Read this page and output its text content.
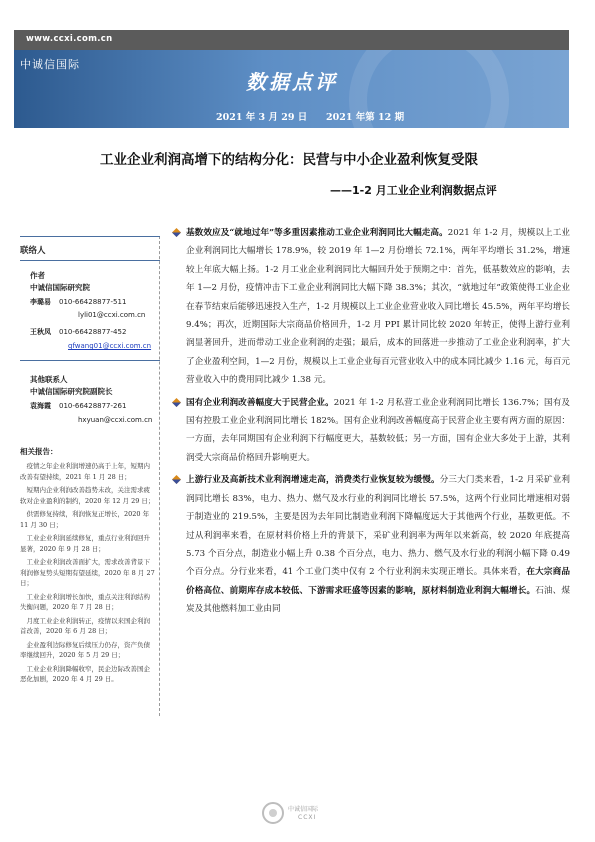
www.ccxi.com.cn
中诚信国际
数据点评
2021 年 3 月 29 日 2021 年第 12 期
工业企业利润高增下的结构分化：民营与中小企业盈利恢复受限
——1-2 月工业企业利润数据点评
联络人
作者
中诚信国际研究院
李璐易 010-66428877-511
lyli01@ccxi.com.cn
王秋凤 010-66428877-452
qfwang01@ccxi.com.cn
其他联系人
中诚信国际研究院副院长
袁海霞 010-66428877-261
hxyuan@ccxi.com.cn
相关报告：
疫情之年企业利润增速仍高于上年，短期内改善有望持续，2021 年 1 月 28 日；
短期内企业利润改善趋势未改，关注需求疲软对企业盈利的制约，2020 年 12 月 29 日；
供需修复持续，利润恢复正增长，2020 年 11 月 30 日；
工业企业利润延续修复，重点行业利润回升显著，2020 年 9 月 28 日；
工业企业利润改善面扩大，需求改善背景下利润修复势头短期有望延续，2020 年 8 月 27 日；
工业企业利润增长加快，重点关注利润结构失衡问题，2020 年 7 月 28 日；
月度工业企业利润转正，疫情以来国企利润首改善，2020 年 6 月 28 日；
企业盈利边际修复后续压力仍存，资产负债率继续回升，2020 年 5 月 29 日；
工业企业利润降幅收窄，民企边际改善国企恶化加剧，2020 年 4 月 29 日。
基数效应及“就地过年”等多重因素推动工业企业利润同比大幅走高。2021 年 1-2 月，规模以上工业企业利润同比大幅增长 178.9%，较 2019 年 1—2 月份增长 72.1%，两年平均增长 31.2%，增速较上年底大幅上扬。1-2 月工业企业利润同比大幅回升处于预期之中：首先，低基数效应的影响，去年 1—2 月份，疫情冲击下工业企业利润同比大幅下降 38.3%；其次，“就地过年”政策使得工业企业在春节结束后能够迅速投入生产，1-2 月规模以上工业企业营业收入同比增长 45.5%，两年平均增长 9.4%；再次，近期国际大宗商品价格回升，1-2 月 PPI 累计同比较 2020 年转正，使得上游行业利润显著回升，进而带动工业企业利润的走强；最后，成本的回落进一步推动了工业企业利润率，扩大了企业盈利空间，1—2 月份，规模以上工业企业每百元营业收入中的成本同比减少 1.16 元，每百元营业收入中的费用同比减少 1.38 元。
国有企业利润改善幅度大于民营企业。2021 年 1-2 月私营工业企业利润同比增长 136.7%；国有及国有控股工业企业利润同比增长 182%。国有企业利润改善幅度高于民营企业主要有两方面的原因：一方面，去年同期国有企业利润下行幅度更大，基数较低；另一方面，国有企业大多处于上游，其利润受大宗商品价格回升影响更大。
上游行业及高新技术业利润增速走高，消费类行业恢复较为缓慢。分三大门类来看，1-2 月采矿业利润同比增长 83%，电力、热力、燃气及水行业的利润同比增长 57.5%，这两个行业同比增速相对弱于制造业的 219.5%，主要是因为去年同比制造业利润下降幅度远大于其他两个行业，基数更低。不过从利润率来看，在原材料价格上升的背景下，采矿业利润率为两年以来新高，较 2020 年底提高 5.73 个百分点，制造业小幅上升 0.38 个百分点，电力、热力、燃气及水行业的利润小幅下降 0.49 个百分点。分行业来看，41 个工业门类中仅有 2 个行业利润未实现正增长。具体来看，在大宗商品价格高位、前期库存成本较低、下游需求旺盛等因素的影响，原材料制造业利润大幅增长。石油、煤炭及其他燃料加工业由同
中诚信国际
CCXI
